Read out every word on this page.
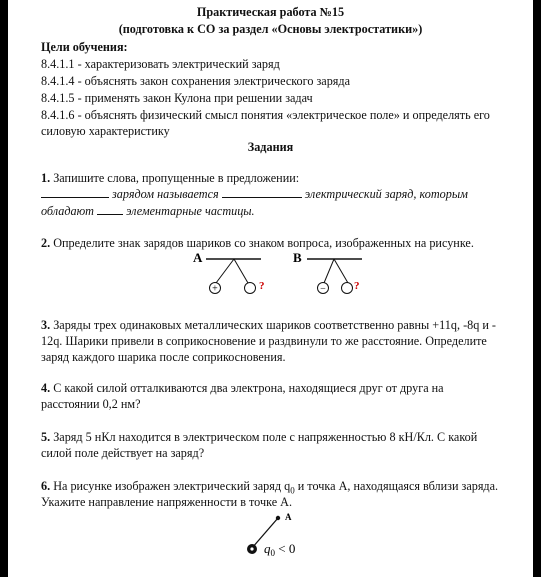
Практическая работа №15
(подготовка к СО за раздел «Основы электростатики»)
Цели обучения:
8.4.1.1 - характеризовать электрический заряд
8.4.1.4 - объяснять закон сохранения электрического заряда
8.4.1.5 - применять закон Кулона при решении задач
8.4.1.6 - объяснять физический смысл понятия «электрическое поле» и определять его
силовую характеристику
Задания
1. Запишите слова, пропущенные в предложении:
зарядом называется	электрический заряд, которым
обладают	элементарные частицы.
2. Определите знак зарядов шариков со знаком вопроса, изображенных на рисунке.
A
+	?
B
−	?
3. Заряды трех одинаковых металлических шариков соответственно равны +11q, -8q и -
12q. Шарики привели в соприкосновение и раздвинули то же расстояние. Определите
заряд каждого шарика после соприкосновения.
4. С какой силой отталкиваются два электрона, находящиеся друг от друга на
расстоянии 0,2 нм?
5. Заряд 5 нКл находится в электрическом поле с напряженностью 8 кН/Кл. С какой
силой поле действует на заряд?
6. На рисунке изображен электрический заряд $q_0$ и точка А, находящаяся вблизи заряда.
Укажите направление напряженности в точке А.
A
$q_0 < 0$
